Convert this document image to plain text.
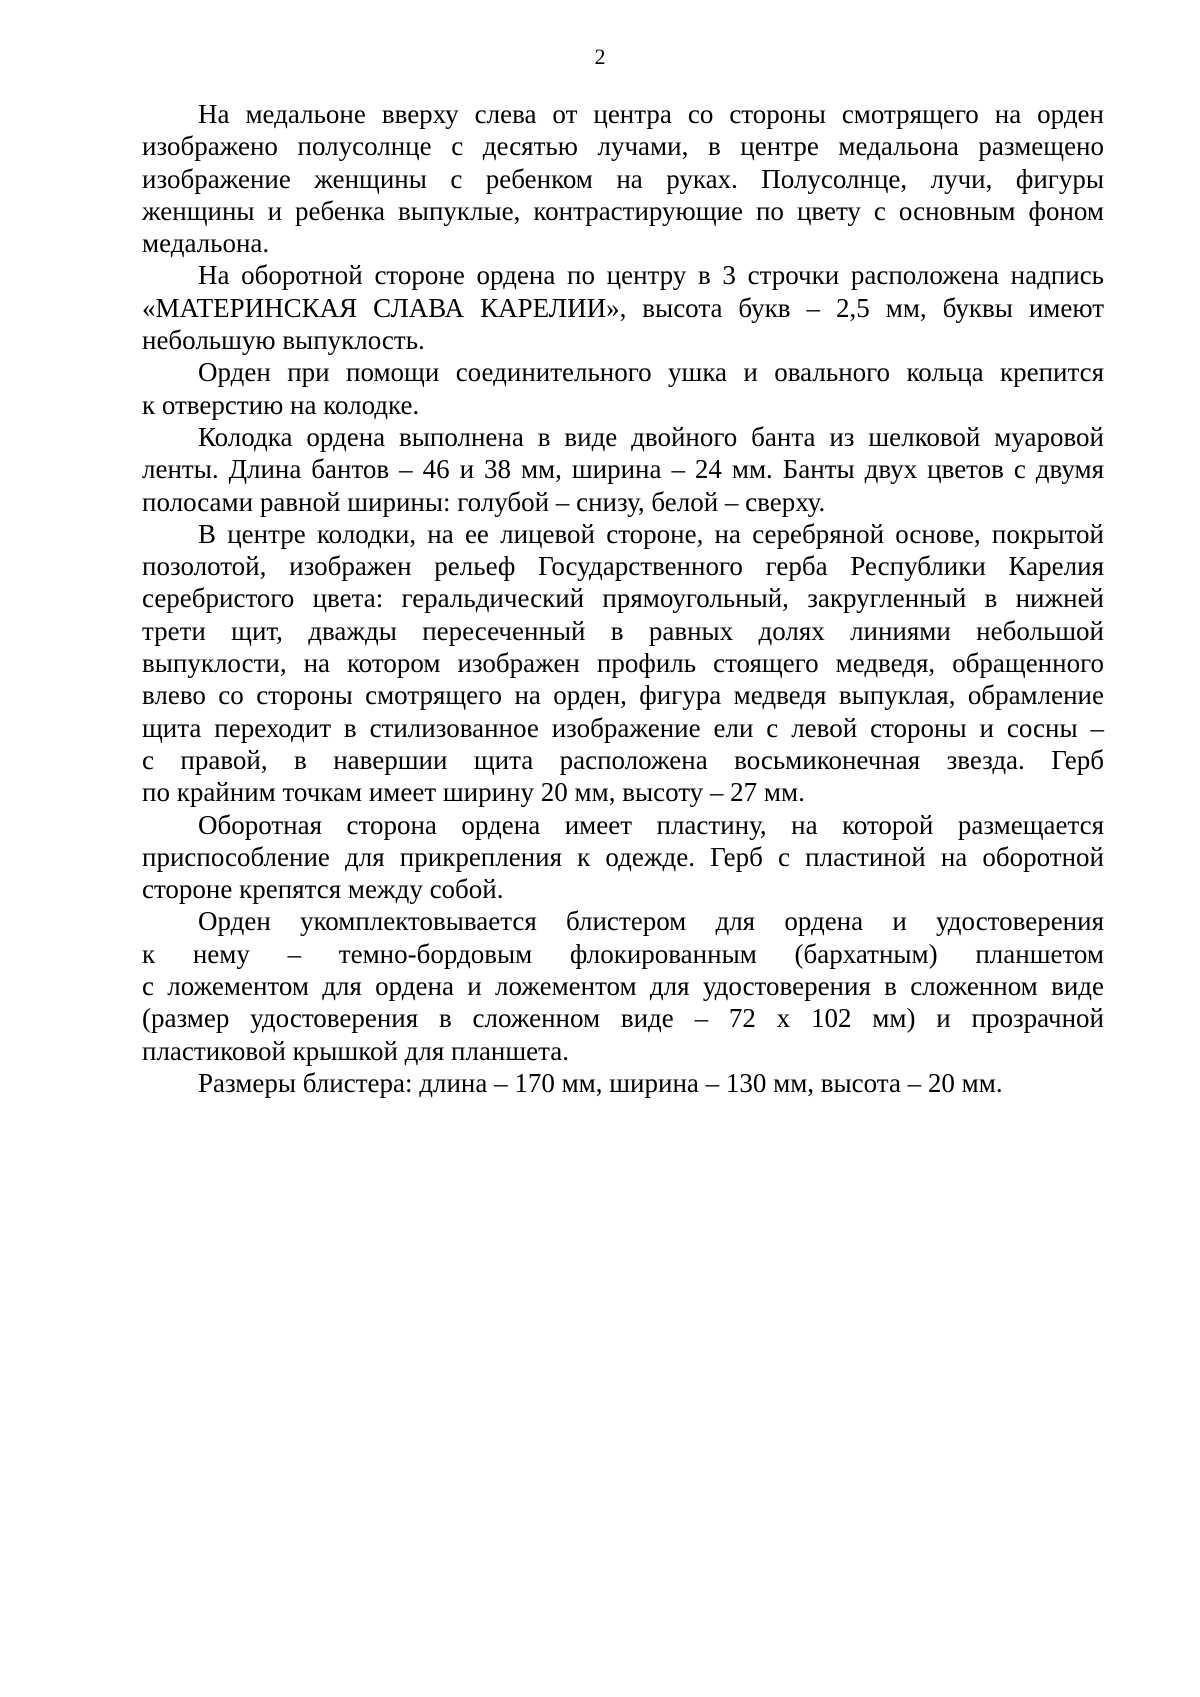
2

На медальоне вверху слева от центра со стороны смотрящего на орден
изображено полусолнце с десятью лучами, в центре медальона размещено
изображение женщины с ребенком на руках. Полусолнце, лучи, фигуры
женщины и ребенка выпуклые, контрастирующие по цвету с основным фоном
медальона.

На оборотной стороне ордена по центру в 3 строчки расположена надпись
«МАТЕРИНСКАЯ СЛАВА КАРЕЛИИ», высота букв – 2,5 мм, буквы имеют
небольшую выпуклость.

Орден при помощи соединительного ушка и овального кольца крепится
к отверстию на колодке.

Колодка ордена выполнена в виде двойного банта из шелковой муаровой
ленты. Длина бантов – 46 и 38 мм, ширина – 24 мм. Банты двух цветов с двумя
полосами равной ширины: голубой – снизу, белой – сверху.

В центре колодки, на ее лицевой стороне, на серебряной основе, покрытой
позолотой, изображен рельеф Государственного герба Республики Карелия
серебристого цвета: геральдический прямоугольный, закругленный в нижней
трети щит, дважды пересеченный в равных долях линиями небольшой
выпуклости, на котором изображен профиль стоящего медведя, обращенного
влево со стороны смотрящего на орден, фигура медведя выпуклая, обрамление
щита переходит в стилизованное изображение ели с левой стороны и сосны –
с правой, в навершии щита расположена восьмиконечная звезда. Герб
по крайним точкам имеет ширину 20 мм, высоту – 27 мм.

Оборотная сторона ордена имеет пластину, на которой размещается
приспособление для прикрепления к одежде. Герб с пластиной на оборотной
стороне крепятся между собой.

Орден укомплектовывается блистером для ордена и удостоверения
к нему – темно-бордовым флокированным (бархатным) планшетом
с ложементом для ордена и ложементом для удостоверения в сложенном виде
(размер удостоверения в сложенном виде – 72 х 102 мм) и прозрачной
пластиковой крышкой для планшета.

Размеры блистера: длина – 170 мм, ширина – 130 мм, высота – 20 мм.
